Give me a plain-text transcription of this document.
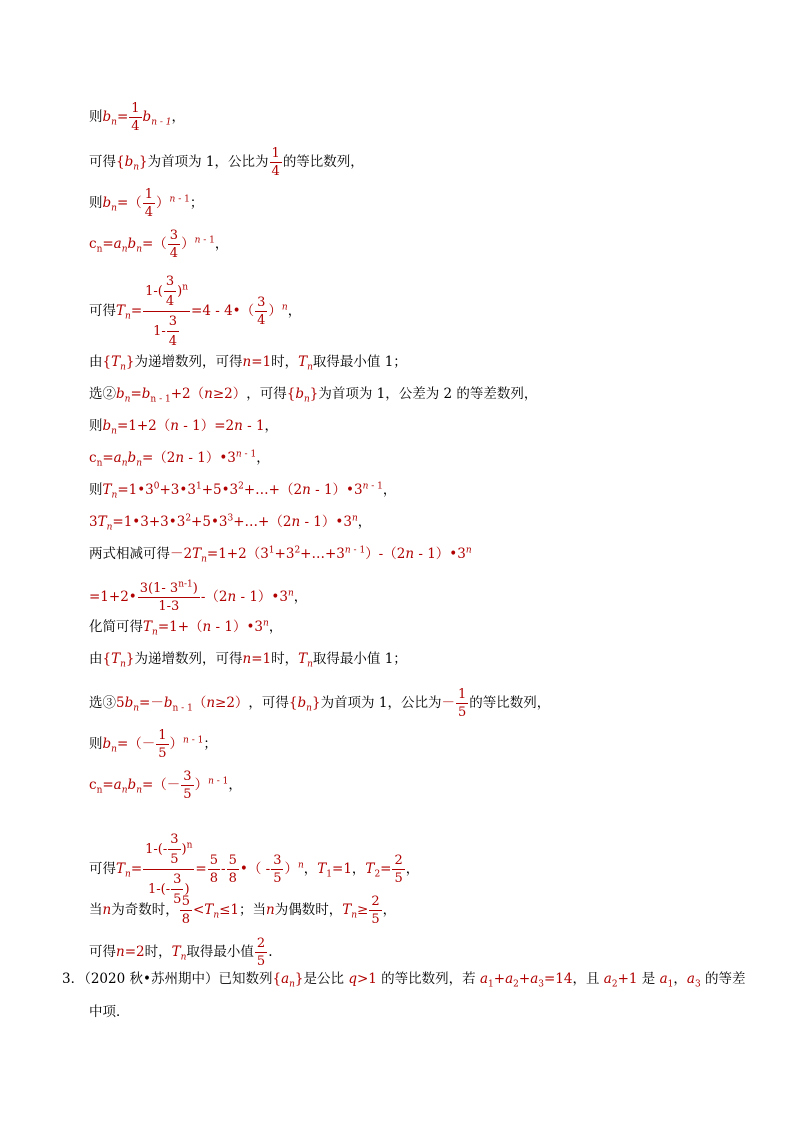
则 $b_n = \frac{1}{4} b_{n - 1}$ ，
可得 $\{b_n\}$ 为首项为 1，公比为 $\frac{1}{4}$ 的等比数列，
则 $b_n$ =（ $\frac{1}{4} )^{n - 1}$ ；
$c_n=a_nb_n=( \frac{3}{4} )^{n - 1}$ ，
可得 $T_n = \frac{1-( \frac{3}{4} )^n}{1- \frac{3}{4}} =4$ - 4•（ $\frac{3}{4} )^n$ ，
由 $\{T_n\}$ 为递增数列，可得 n =1 时， $T_n$ 取得最小值 1；
选② $b_n =b_{n - 1}+2(n\ge 2)$ ，可得 $\{b_n\}$ 为首项为 1，公差为 2 的等差数列，
则 $b_n=1+2(n - 1)=2n - 1$ ，
$c_n=a_nb_n=(2n$ - 1）•3$^{n - 1}$ ，
则 $T_n=1•3^0+3•3^1+5•3^2+\dots+(2n$ - 1）•3$^{n - 1}$ ，
$3T_n=1•3+3•3^2+5•3^3+\dots+(2n$ - 1）•3$^n$ ，
两式相减可得 $-2T_n=1+2(3^1+3^2+\dots+3^{n - 1})-(2n$ - $1)•3^n$
=1+2• $\frac{3(1- 3^{n-1})}{1-3} -(2n$ - 1）•3$^n$ ，
化简可得 $T_n=1+(n$ - 1）•3$^n$ ，
由 $\{T_n\}$ 为递增数列，可得 n =1 时， $T_n$ 取得最小值 1；
选③ $5b_n=-b_{n - 1}(n\ge 2)$ ，可得 $\{b_n\}$ 为首项为 1，公比为 － $\frac{1}{5}$ 的等比数列，
则 $b_n$ =（－ $\frac{1}{5} )^{n - 1}$ ；
$c_n=a_nb_n=(- \frac{3}{5} )^{n - 1}$ ，
可得 $T_n = \frac{1-(- \frac{3}{5} )^n}{1-(- \frac{3}{5} )} = \frac{5}{8} - \frac{5}{8}$ •（ - $\frac{3}{5} )^n$ ， $T_1=1$ ， $T_2= \frac{2}{5}$ ，
当 n 为奇数时， $\frac{5}{8} <T_n\le 1$ ；当 n 为偶数时， $T_n\ge \frac{2}{5}$ ，
可得 n=2 时， $T_n$ 取得最小值 $\frac{2}{5}$ .
3．（2020 秋•苏州期中）已知数列$\{a_n\}$是公比 q>1 的等比数列，若 $a_1+a_2+a_3=14$，且 $a_2+1$ 是 $a_1$，$a_3$ 的等差
中项．
